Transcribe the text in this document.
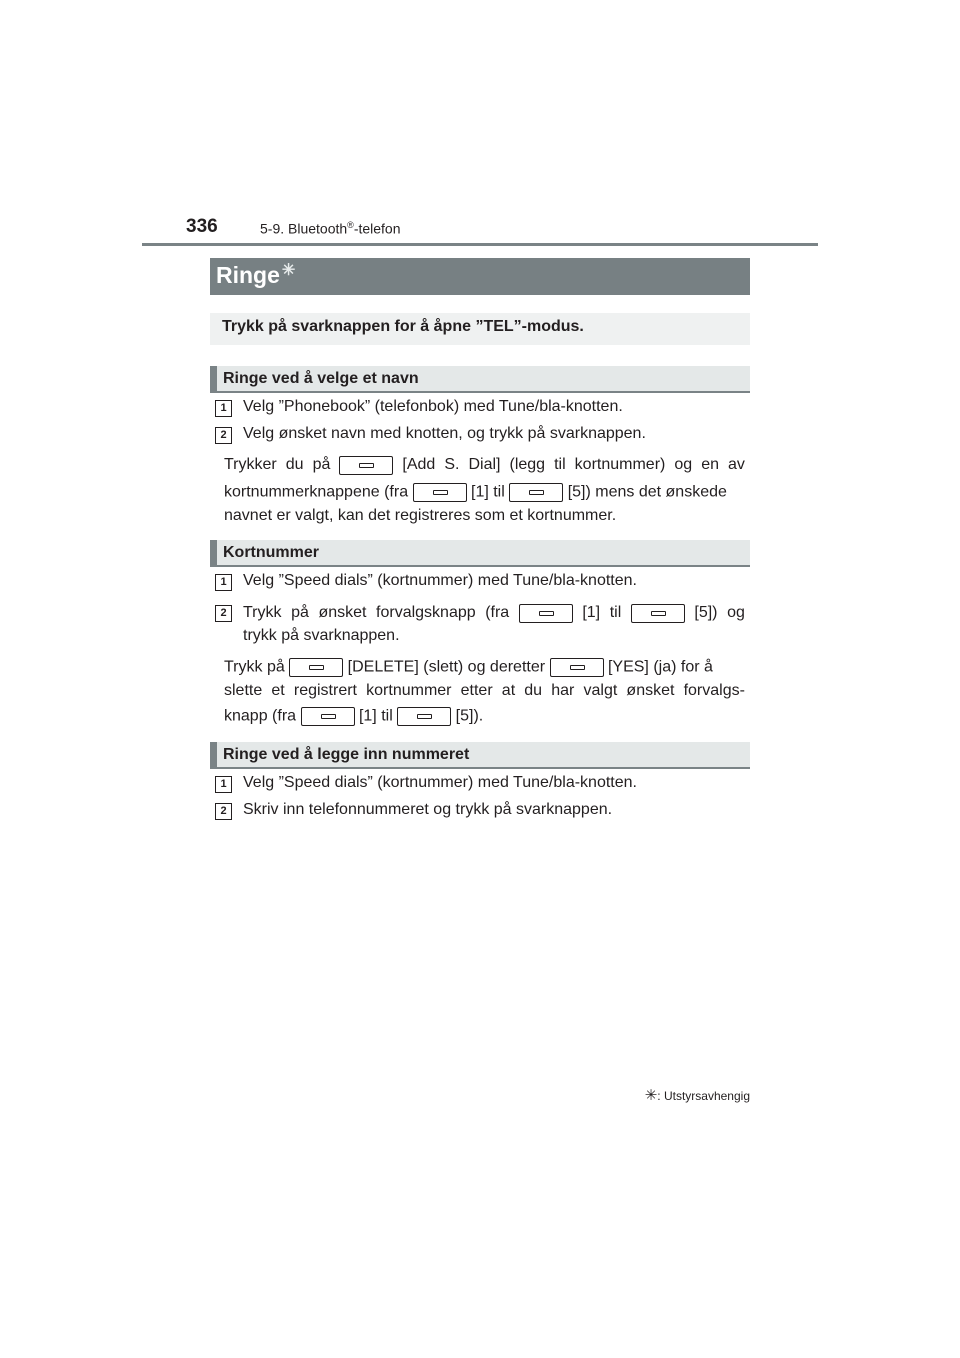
336	5-9. Bluetooth®-telefon
Ringe ✳
Trykk på svarknappen for å åpne ”TEL”-modus.
Ringe ved å velge et navn
1	Velg ”Phonebook” (telefonbok) med Tune/bla-knotten.
2	Velg ønsket navn med knotten, og trykk på svarknappen.
Trykker du på	[Add S. Dial] (legg til kortnummer) og en av
kortnummerknappene (fra	[1] til	[5]) mens det ønskede
navnet er valgt, kan det registreres som et kortnummer.
Kortnummer
1	Velg ”Speed dials” (kortnummer) med Tune/bla-knotten.
2	Trykk på ønsket forvalgsknapp (fra	[1] til	[5]) og
trykk på svarknappen.
Trykk på	[DELETE] (slett) og deretter	[YES] (ja) for å
slette et registrert kortnummer etter at du har valgt ønsket forvalgs-
knapp (fra	[1] til	[5]).
Ringe ved å legge inn nummeret
1	Velg ”Speed dials” (kortnummer) med Tune/bla-knotten.
2	Skriv inn telefonnummeret og trykk på svarknappen.
✳: Utstyrsavhengig
